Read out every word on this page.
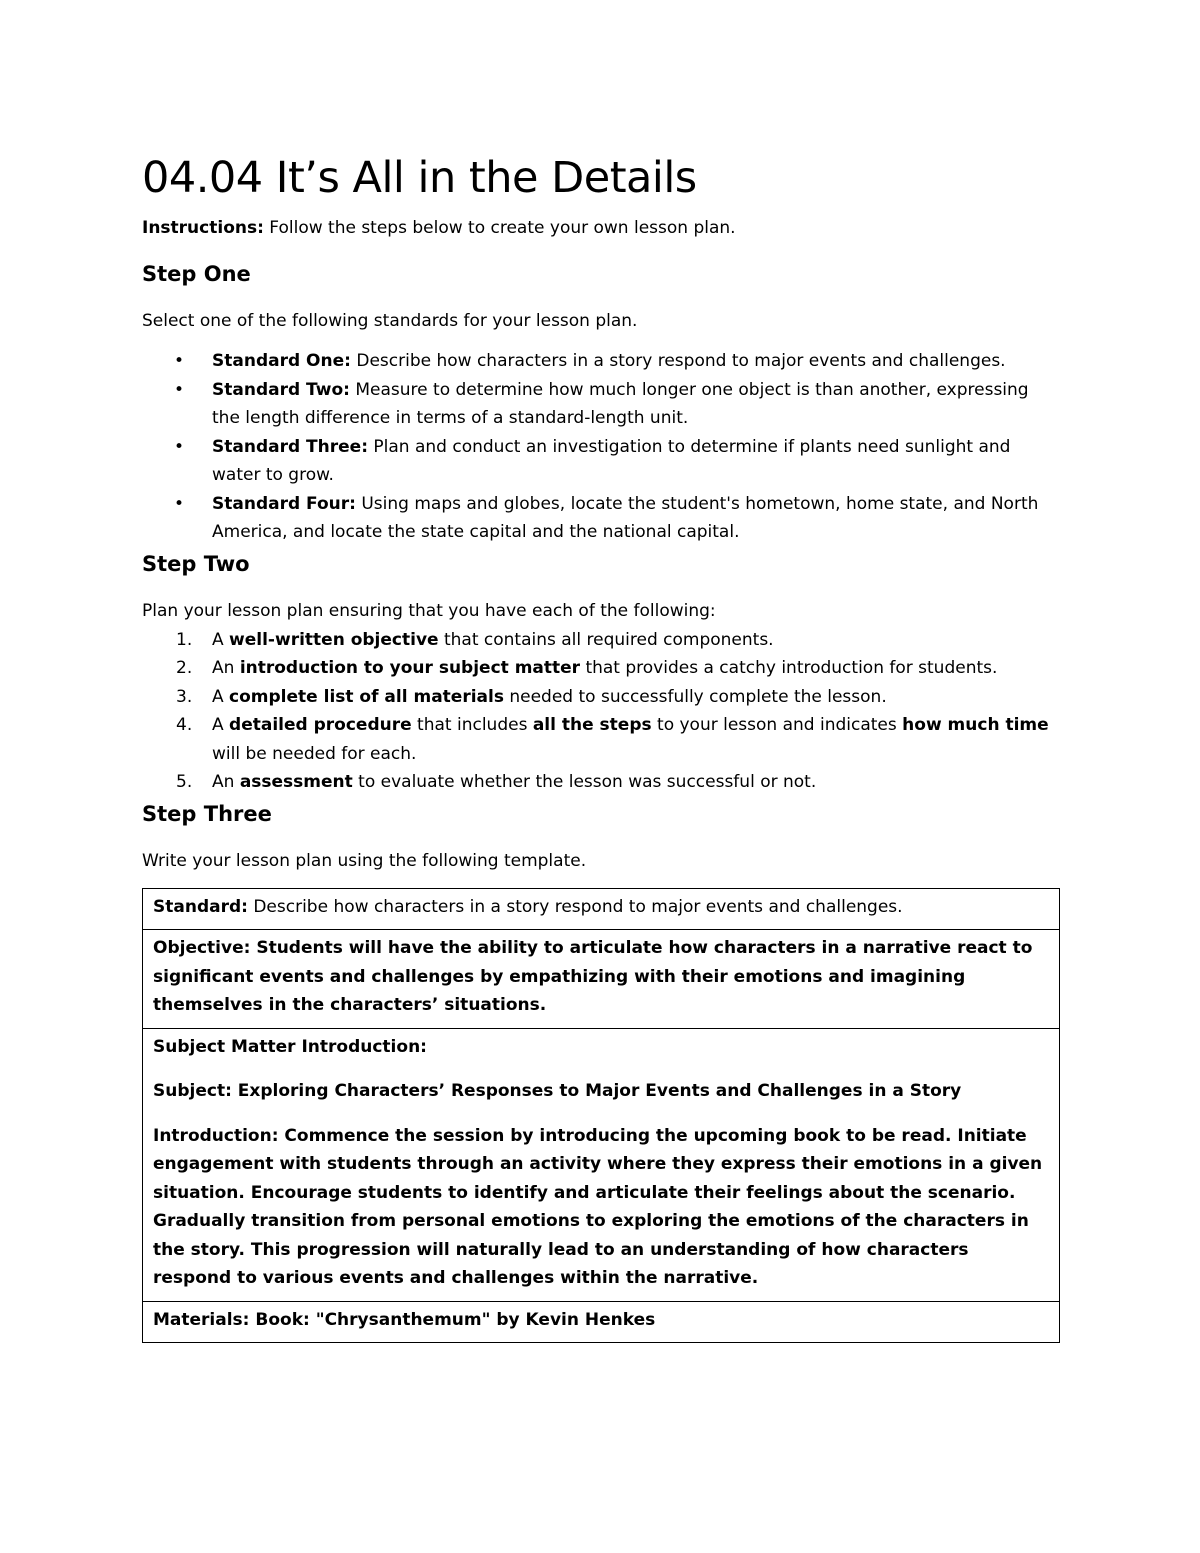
04.04 It’s All in the Details

Instructions: Follow the steps below to create your own lesson plan.

Step One

Select one of the following standards for your lesson plan.

• Standard One: Describe how characters in a story respond to major events and challenges.
• Standard Two: Measure to determine how much longer one object is than another, expressing the length difference in terms of a standard-length unit.
• Standard Three: Plan and conduct an investigation to determine if plants need sunlight and water to grow.
• Standard Four: Using maps and globes, locate the student's hometown, home state, and North America, and locate the state capital and the national capital.
Step Two

Plan your lesson plan ensuring that you have each of the following:

1. A well-written objective that contains all required components.
2. An introduction to your subject matter that provides a catchy introduction for students.
3. A complete list of all materials needed to successfully complete the lesson.
4. A detailed procedure that includes all the steps to your lesson and indicates how much time will be needed for each.
5. An assessment to evaluate whether the lesson was successful or not.
Step Three

Write your lesson plan using the following template.

Standard: Describe how characters in a story respond to major events and challenges.

Objective: Students will have the ability to articulate how characters in a narrative react to significant events and challenges by empathizing with their emotions and imagining themselves in the characters’ situations.

Subject Matter Introduction:

Subject: Exploring Characters’ Responses to Major Events and Challenges in a Story

Introduction: Commence the session by introducing the upcoming book to be read. Initiate engagement with students through an activity where they express their emotions in a given situation. Encourage students to identify and articulate their feelings about the scenario. Gradually transition from personal emotions to exploring the emotions of the characters in the story. This progression will naturally lead to an understanding of how characters respond to various events and challenges within the narrative.

Materials: Book: "Chrysanthemum" by Kevin Henkes
